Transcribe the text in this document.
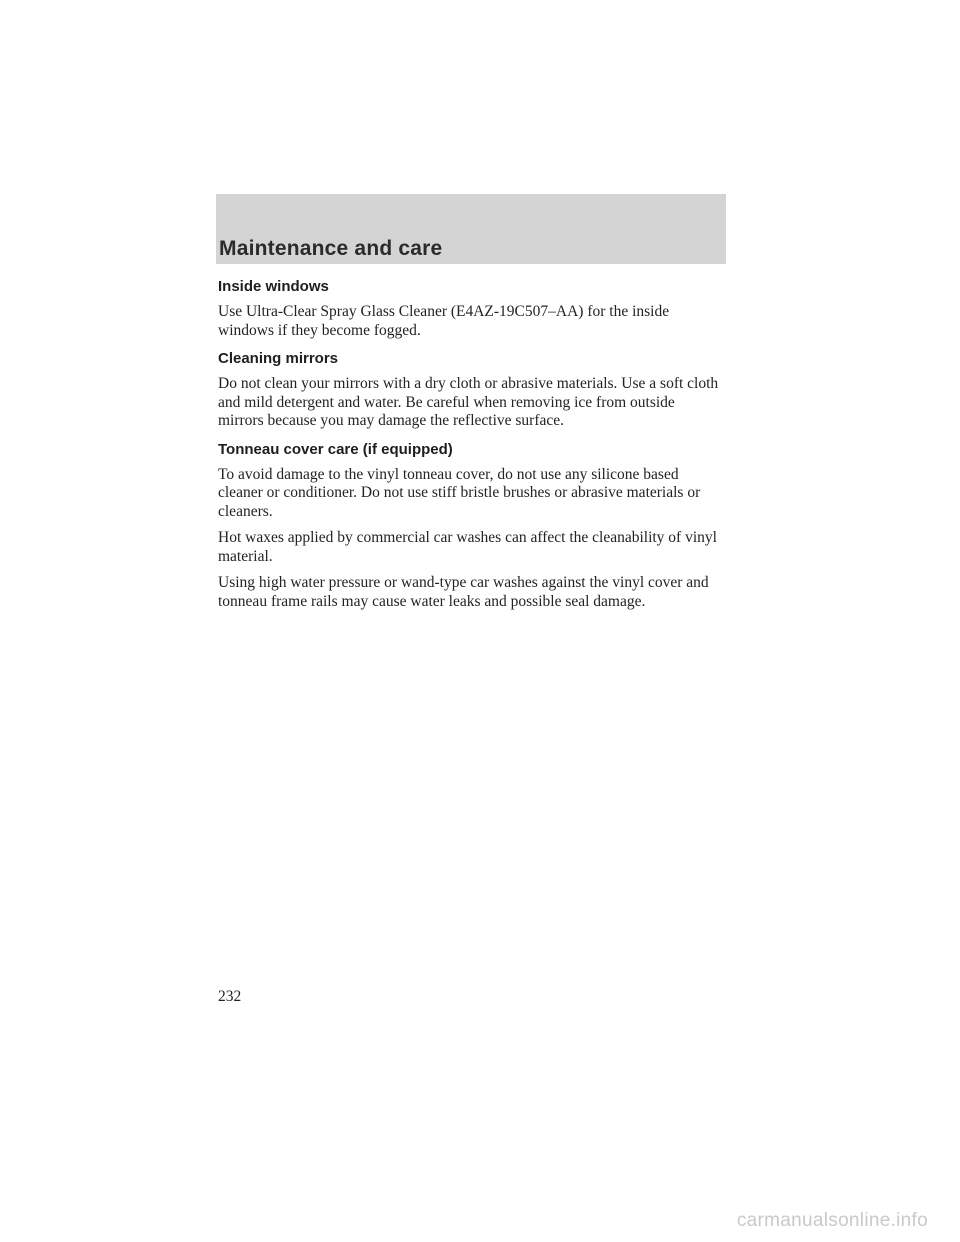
Maintenance and care
Inside windows

Use Ultra-Clear Spray Glass Cleaner (E4AZ-19C507–AA) for the inside windows if they become fogged.

Cleaning mirrors

Do not clean your mirrors with a dry cloth or abrasive materials. Use a soft cloth and mild detergent and water. Be careful when removing ice from outside mirrors because you may damage the reflective surface.

Tonneau cover care (if equipped)

To avoid damage to the vinyl tonneau cover, do not use any silicone based cleaner or conditioner. Do not use stiff bristle brushes or abrasive materials or cleaners.

Hot waxes applied by commercial car washes can affect the cleanability of vinyl material.

Using high water pressure or wand-type car washes against the vinyl cover and tonneau frame rails may cause water leaks and possible seal damage.

232
carmanualsonline.info
